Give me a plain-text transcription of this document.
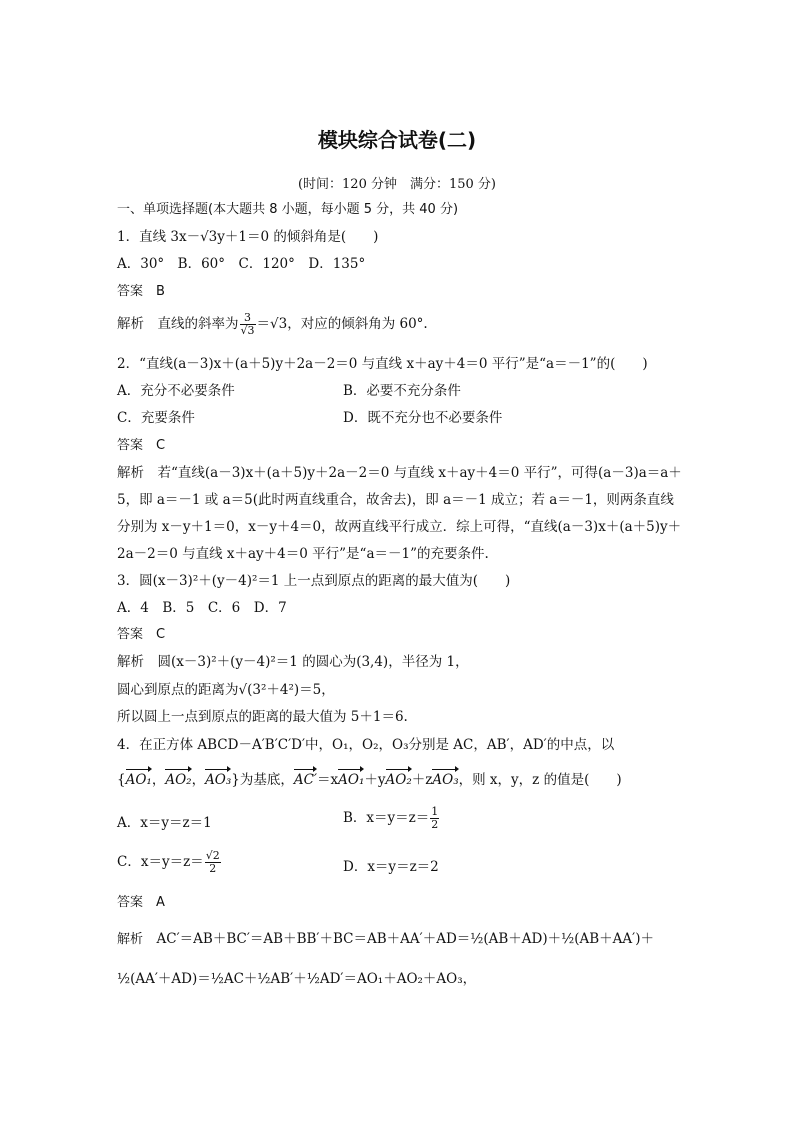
模块综合试卷(二)
(时间：120 分钟　满分：150 分)
一、单项选择题(本大题共 8 小题，每小题 5 分，共 40 分)
1．直线 3x－√3y＋1＝0 的倾斜角是(　　)
A．30°　B．60°　C．120°　D．135°
答案　B
解析　直线的斜率为 $\frac{3}{√3} =√3$，对应的倾斜角为 60°.
2．“直线(a－3)x＋(a＋5)y＋2a－2＝0 与直线 x＋ay＋4＝0 平行”是“a＝－1”的(　　)
A．充分不必要条件	B．必要不充分条件
C．充要条件	D．既不充分也不必要条件
答案　C
解析　若“直线(a－3)x＋(a＋5)y＋2a－2＝0 与直线 x＋ay＋4＝0 平行”，可得(a－3)a＝a＋
5，即 a＝－1 或 a＝5(此时两直线重合，故舍去)，即 a＝－1 成立；若 a＝－1，则两条直线
分别为 x－y＋1＝0，x－y＋4＝0，故两直线平行成立．综上可得，“直线(a－3)x＋(a＋5)y＋
2a－2＝0 与直线 x＋ay＋4＝0 平行”是“a＝－1”的充要条件.
3．圆(x－3)²＋(y－4)²＝1 上一点到原点的距离的最大值为(　　)
A．4　B．5　C．6　D．7
答案　C
解析　圆(x－3)²＋(y－4)²＝1 的圆心为(3,4)，半径为 1，
圆心到原点的距离为√(3²＋4²)＝5，
所以圆上一点到原点的距离的最大值为 5＋1＝6.
4．在正方体 ABCD－A′B′C′D′中，O₁，O₂，O₃分别是 AC，AB′，AD′的中点，以
{AO₁，AO₂，AO₃}为基底，AC′＝xAO₁＋yAO₂＋zAO₃，则 x，y，z 的值是(　　)
A．x＝y＝z＝1	B．$x=y=z= \frac{1}{2}$
C．$x=y=z= \frac{√2}{2}$	D．x＝y＝z＝2
答案　A
解析　 AC′＝AB＋BC′＝AB＋BB′＋BC＝AB＋AA′＋AD＝½(AB＋AD)＋½(AB＋AA′)＋
½(AA′＋AD)＝½AC＋½AB′＋½AD′＝AO₁＋AO₂＋AO₃，
